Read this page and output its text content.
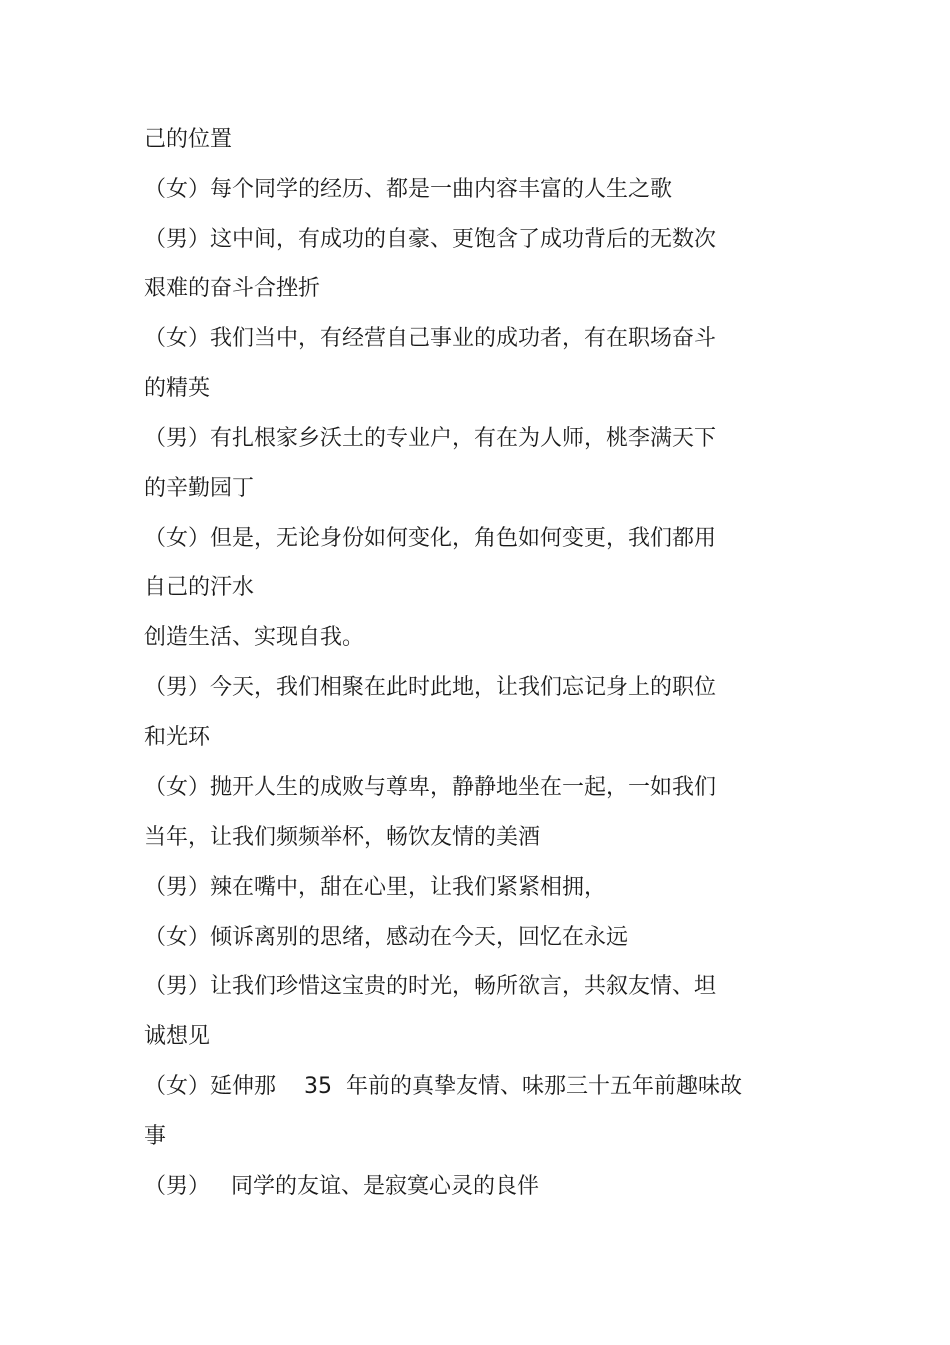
己的位置
（女）每个同学的经历、都是一曲内容丰富的人生之歌
（男）这中间，有成功的自豪、更饱含了成功背后的无数次
艰难的奋斗合挫折
（女）我们当中，有经营自己事业的成功者，有在职场奋斗
的精英
（男）有扎根家乡沃土的专业户，有在为人师，桃李满天下
的辛勤园丁
（女）但是，无论身份如何变化，角色如何变更，我们都用
自己的汗水
创造生活、实现自我。
（男）今天，我们相聚在此时此地，让我们忘记身上的职位
和光环
（女）抛开人生的成败与尊卑，静静地坐在一起，一如我们
当年，让我们频频举杯，畅饮友情的美酒
（男）辣在嘴中，甜在心里，让我们紧紧相拥，
（女）倾诉离别的思绪，感动在今天，回忆在永远
（男）让我们珍惜这宝贵的时光，畅所欲言，共叙友情、坦
诚想见
（女）延伸那    35  年前的真挚友情、味那三十五年前趣味故
事
（男）   同学的友谊、是寂寞心灵的良伴
